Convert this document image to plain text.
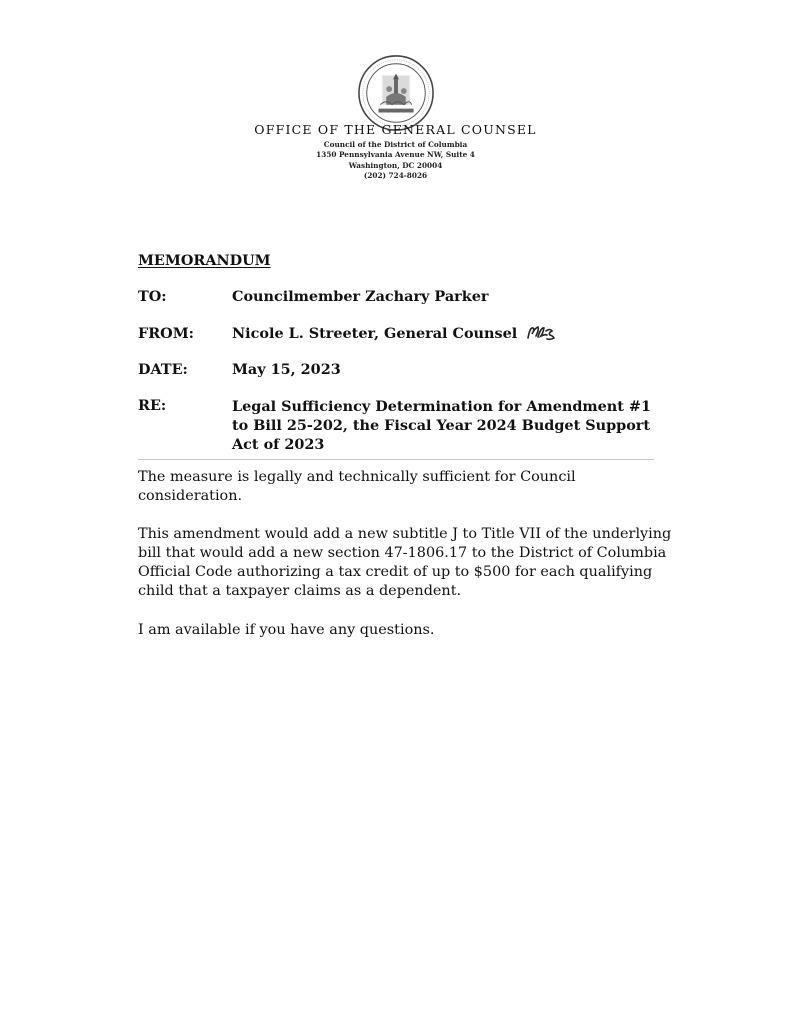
OFFICE OF THE GENERAL COUNSEL
Council of the District of Columbia
1350 Pennsylvania Avenue NW, Suite 4
Washington, DC 20004
(202) 724-8026
MEMORANDUM
TO:	Councilmember Zachary Parker
FROM:	Nicole L. Streeter, General Counsel
DATE:	May 15, 2023
RE:	Legal Sufficiency Determination for Amendment #1 to Bill 25-202, the Fiscal Year 2024 Budget Support Act of 2023

The measure is legally and technically sufficient for Council consideration.

This amendment would add a new subtitle J to Title VII of the underlying bill that would add a new section 47-1806.17 to the District of Columbia Official Code authorizing a tax credit of up to $500 for each qualifying child that a taxpayer claims as a dependent.

I am available if you have any questions.
